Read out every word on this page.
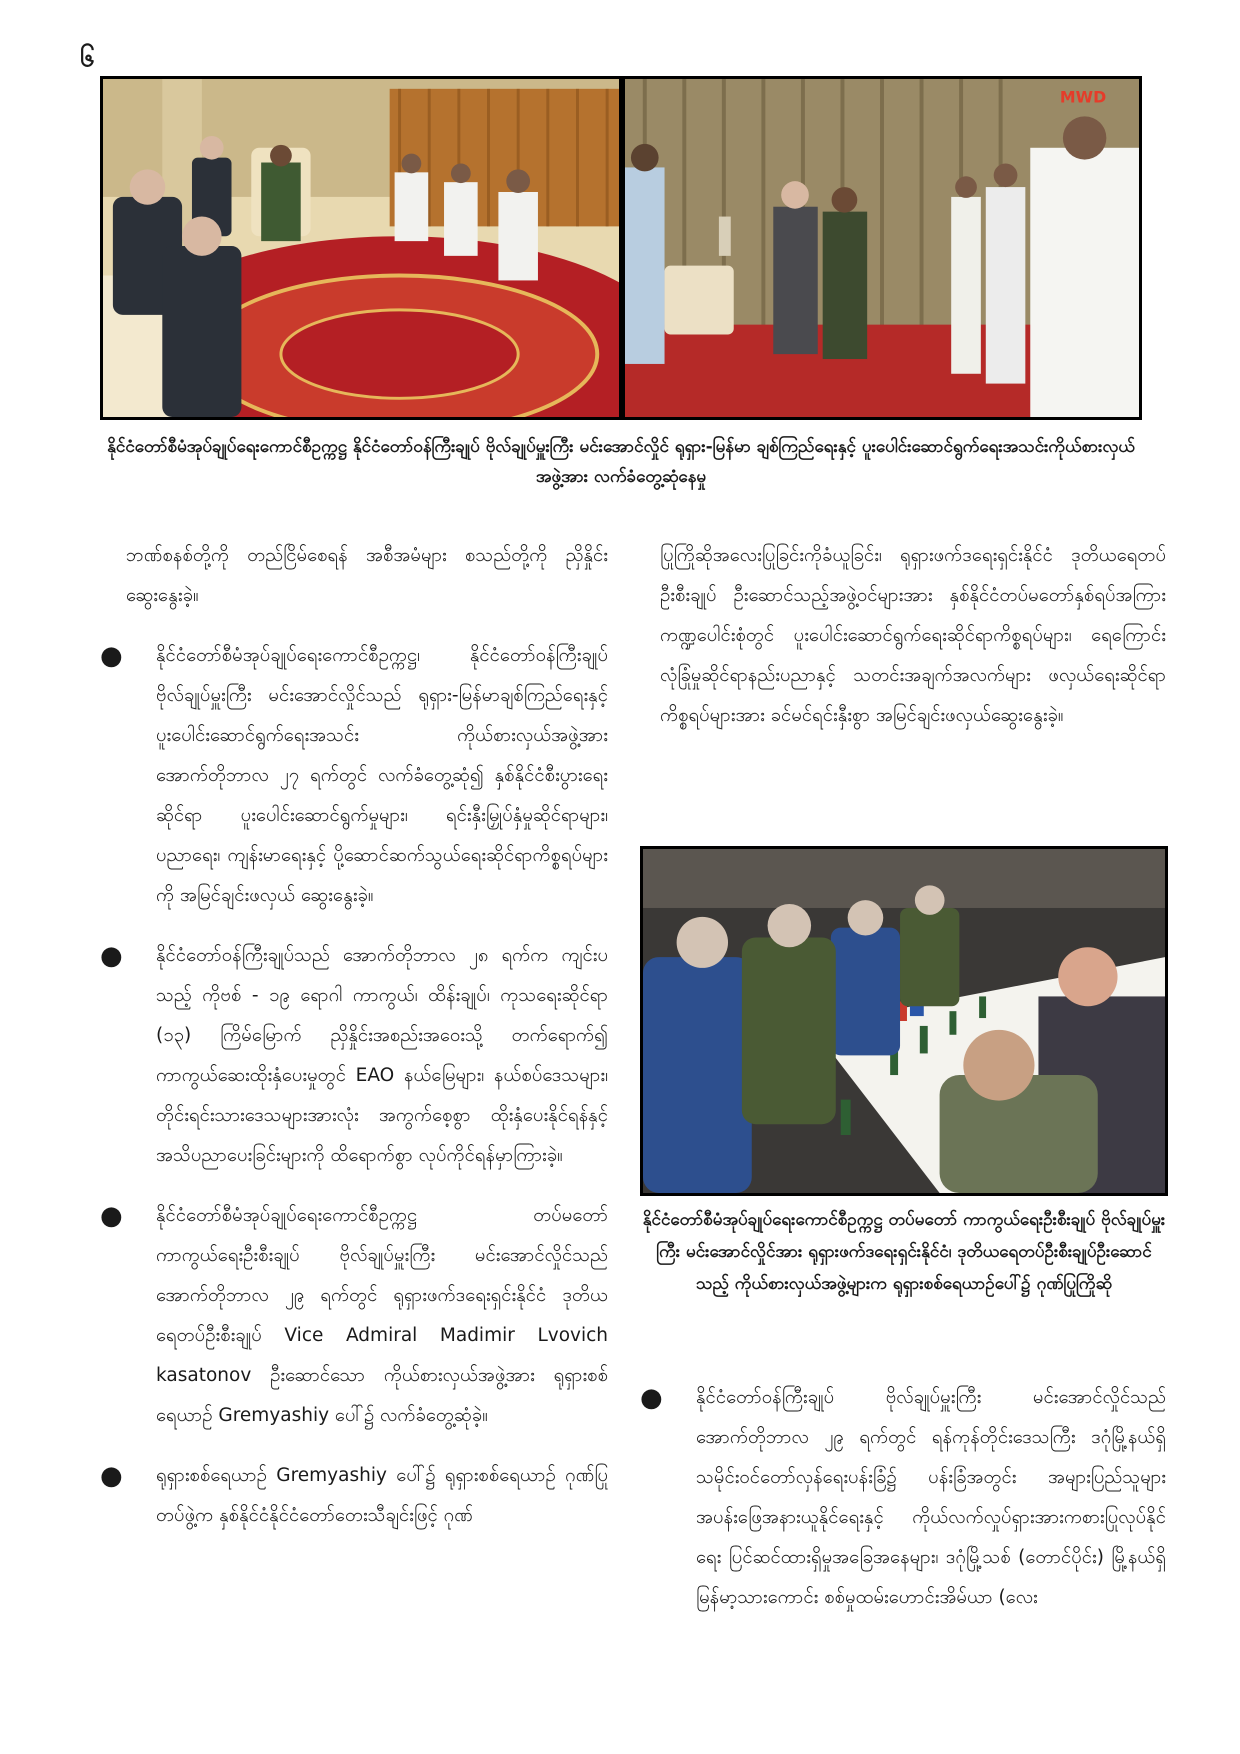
၆
MWD
နိုင်ငံတော်စီမံအုပ်ချုပ်ရေးကောင်စီဥက္ကဋ္ဌ နိုင်ငံတော်ဝန်ကြီးချုပ် ဗိုလ်ချုပ်မှူးကြီး မင်းအောင်လှိုင် ရုရှား-မြန်မာ ချစ်ကြည်ရေးနှင့် ပူးပေါင်းဆောင်ရွက်ရေးအသင်းကိုယ်စားလှယ်အဖွဲ့အား လက်ခံတွေ့ဆုံနေမှု

ဘဏ်စနစ်တို့ကို တည်ငြိမ်စေရန် အစီအမံများ စသည်တို့ကို ညှိနှိုင်းဆွေးနွေးခဲ့။

● နိုင်ငံတော်စီမံအုပ်ချုပ်ရေးကောင်စီဥက္ကဋ္ဌ၊ နိုင်ငံတော်ဝန်ကြီးချုပ် ဗိုလ်ချုပ်မှူးကြီး မင်းအောင်လှိုင်သည် ရုရှား-မြန်မာချစ်ကြည်ရေးနှင့် ပူးပေါင်းဆောင်ရွက်ရေးအသင်း ကိုယ်စားလှယ်အဖွဲ့အား အောက်တိုဘာလ ၂၇ ရက်တွင် လက်ခံတွေ့ဆုံ၍ နှစ်နိုင်ငံစီးပွားရေးဆိုင်ရာ ပူးပေါင်းဆောင်ရွက်မှုများ၊ ရင်းနှီးမြှုပ်နှံမှုဆိုင်ရာများ၊ ပညာရေး၊ ကျန်းမာရေးနှင့် ပို့ဆောင်ဆက်သွယ်ရေးဆိုင်ရာကိစ္စရပ်များကို အမြင်ချင်းဖလှယ် ဆွေးနွေးခဲ့။
● နိုင်ငံတော်ဝန်ကြီးချုပ်သည် အောက်တိုဘာလ ၂၈ ရက်က ကျင်းပသည့် ကိုဗစ် - ၁၉ ရောဂါ ကာကွယ်၊ ထိန်းချုပ်၊ ကုသရေးဆိုင်ရာ (၁၃) ကြိမ်မြောက် ညှိနှိုင်းအစည်းအဝေးသို့ တက်ရောက်၍ ကာကွယ်ဆေးထိုးနှံပေးမှုတွင် EAO နယ်မြေများ၊ နယ်စပ်ဒေသများ၊ တိုင်းရင်းသားဒေသများအားလုံး အကွက်စေ့စွာ ထိုးနှံပေးနိုင်ရန်နှင့် အသိပညာပေးခြင်းများကို ထိရောက်စွာ လုပ်ကိုင်ရန်မှာကြားခဲ့။
● နိုင်ငံတော်စီမံအုပ်ချုပ်ရေးကောင်စီဥက္ကဋ္ဌ တပ်မတော်ကာကွယ်ရေးဦးစီးချုပ် ဗိုလ်ချုပ်မှူးကြီး မင်းအောင်လှိုင်သည် အောက်တိုဘာလ ၂၉ ရက်တွင် ရုရှားဖက်ဒရေးရှင်းနိုင်ငံ ဒုတိယရေတပ်ဦးစီးချုပ် Vice Admiral Madimir Lvovich kasatonov ဦးဆောင်သော ကိုယ်စားလှယ်အဖွဲ့အား ရုရှားစစ်ရေယာဉ် Gremyashiy ပေါ်၌ လက်ခံတွေ့ဆုံခဲ့။
● ရုရှားစစ်ရေယာဉ် Gremyashiy ပေါ်၌ ရုရှားစစ်ရေယာဉ် ဂုဏ်ပြုတပ်ဖွဲ့က နှစ်နိုင်ငံနိုင်ငံတော်တေးသီချင်းဖြင့် ဂုဏ်

ပြုကြိုဆိုအလေးပြုခြင်းကိုခံယူခြင်း၊ ရုရှားဖက်ဒရေးရှင်းနိုင်ငံ ဒုတိယရေတပ်ဦးစီးချုပ် ဦးဆောင်သည့်အဖွဲ့ဝင်များအား နှစ်နိုင်ငံတပ်မတော်နှစ်ရပ်အကြား ကဏ္ဍပေါင်းစုံတွင် ပူးပေါင်းဆောင်ရွက်ရေးဆိုင်ရာကိစ္စရပ်များ၊ ရေကြောင်းလုံခြုံမှုဆိုင်ရာနည်းပညာနှင့် သတင်းအချက်အလက်များ ဖလှယ်ရေးဆိုင်ရာကိစ္စရပ်များအား ခင်မင်ရင်းနှီးစွာ အမြင်ချင်းဖလှယ်ဆွေးနွေးခဲ့။

နိုင်ငံတော်စီမံအုပ်ချုပ်ရေးကောင်စီဥက္ကဋ္ဌ တပ်မတော် ကာကွယ်ရေးဦးစီးချုပ် ဗိုလ်ချုပ်မှူးကြီး မင်းအောင်လှိုင်အား ရုရှားဖက်ဒရေးရှင်းနိုင်ငံ၊ ဒုတိယရေတပ်ဦးစီးချုပ်ဦးဆောင်သည့် ကိုယ်စားလှယ်အဖွဲ့များက ရုရှားစစ်ရေယာဉ်ပေါ်၌ ဂုဏ်ပြုကြိုဆို
● နိုင်ငံတော်ဝန်ကြီးချုပ် ဗိုလ်ချုပ်မှူးကြီး မင်းအောင်လှိုင်သည် အောက်တိုဘာလ ၂၉ ရက်တွင် ရန်ကုန်တိုင်းဒေသကြီး ဒဂုံမြို့နယ်ရှိ သမိုင်းဝင်တော်လှန်ရေးပန်းခြံ၌ ပန်းခြံအတွင်း အများပြည်သူများ အပန်းဖြေအနားယူနိုင်ရေးနှင့် ကိုယ်လက်လှုပ်ရှားအားကစားပြုလုပ်နိုင်ရေး ပြင်ဆင်ထားရှိမှုအခြေအနေများ၊ ဒဂုံမြို့သစ် (တောင်ပိုင်း) မြို့နယ်ရှိ မြန်မာ့သားကောင်း စစ်မှုထမ်းဟောင်းအိမ်ယာ (လေး
